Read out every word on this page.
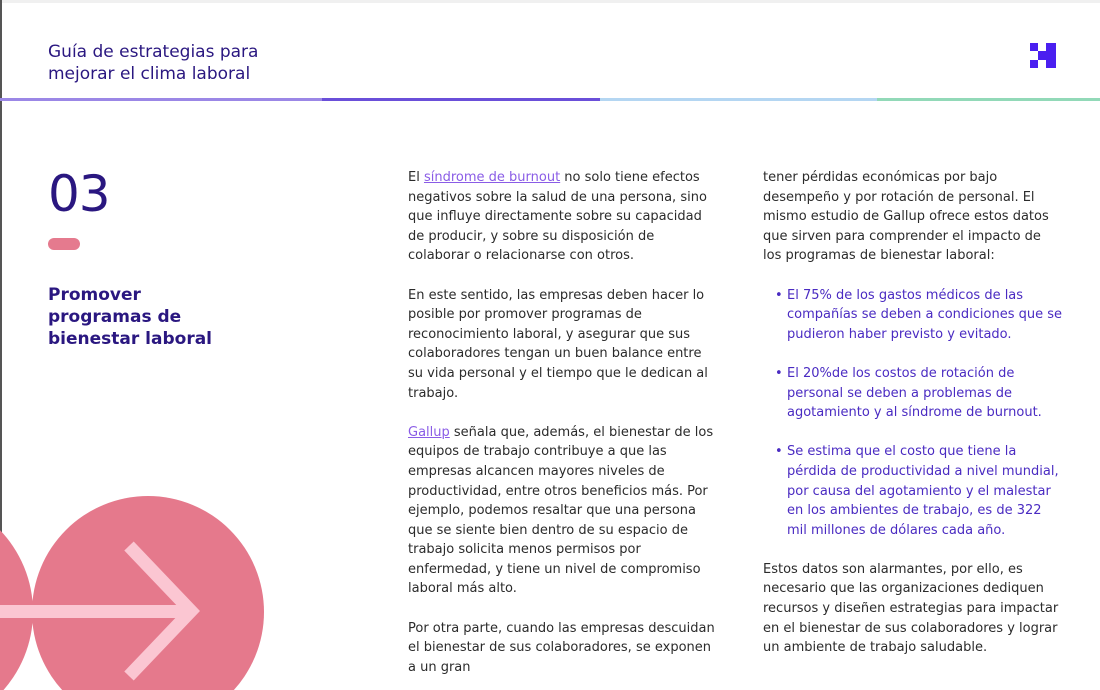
Guía de estrategias para
mejorar el clima laboral
03
Promover programas de bienestar laboral

El síndrome de burnout no solo tiene efectos negativos sobre la salud de una persona, sino que influye directamente sobre su capacidad de producir, y sobre su disposición de colaborar o relacionarse con otros.

En este sentido, las empresas deben hacer lo posible por promover programas de reconocimiento laboral, y asegurar que sus colaboradores tengan un buen balance entre su vida personal y el tiempo que le dedican al trabajo.

Gallup señala que, además, el bienestar de los equipos de trabajo contribuye a que las empresas alcancen mayores niveles de productividad, entre otros beneficios más. Por ejemplo, podemos resaltar que una persona que se siente bien dentro de su espacio de trabajo solicita menos permisos por enfermedad, y tiene un nivel de compromiso laboral más alto.

Por otra parte, cuando las empresas descuidan el bienestar de sus colaboradores, se exponen a un gran

tener pérdidas económicas por bajo desempeño y por rotación de personal. El mismo estudio de Gallup ofrece estos datos que sirven para comprender el impacto de los programas de bienestar laboral:

• El 75% de los gastos médicos de las compañías se deben a condiciones que se pudieron haber previsto y evitado.
• El 20%de los costos de rotación de personal se deben a problemas de agotamiento y al síndrome de burnout.
• Se estima que el costo que tiene la pérdida de productividad a nivel mundial, por causa del agotamiento y el malestar en los ambientes de trabajo, es de 322 mil millones de dólares cada año.

Estos datos son alarmantes, por ello, es necesario que las organizaciones dediquen recursos y diseñen estrategias para impactar en el bienestar de sus colaboradores y lograr un ambiente de trabajo saludable.
